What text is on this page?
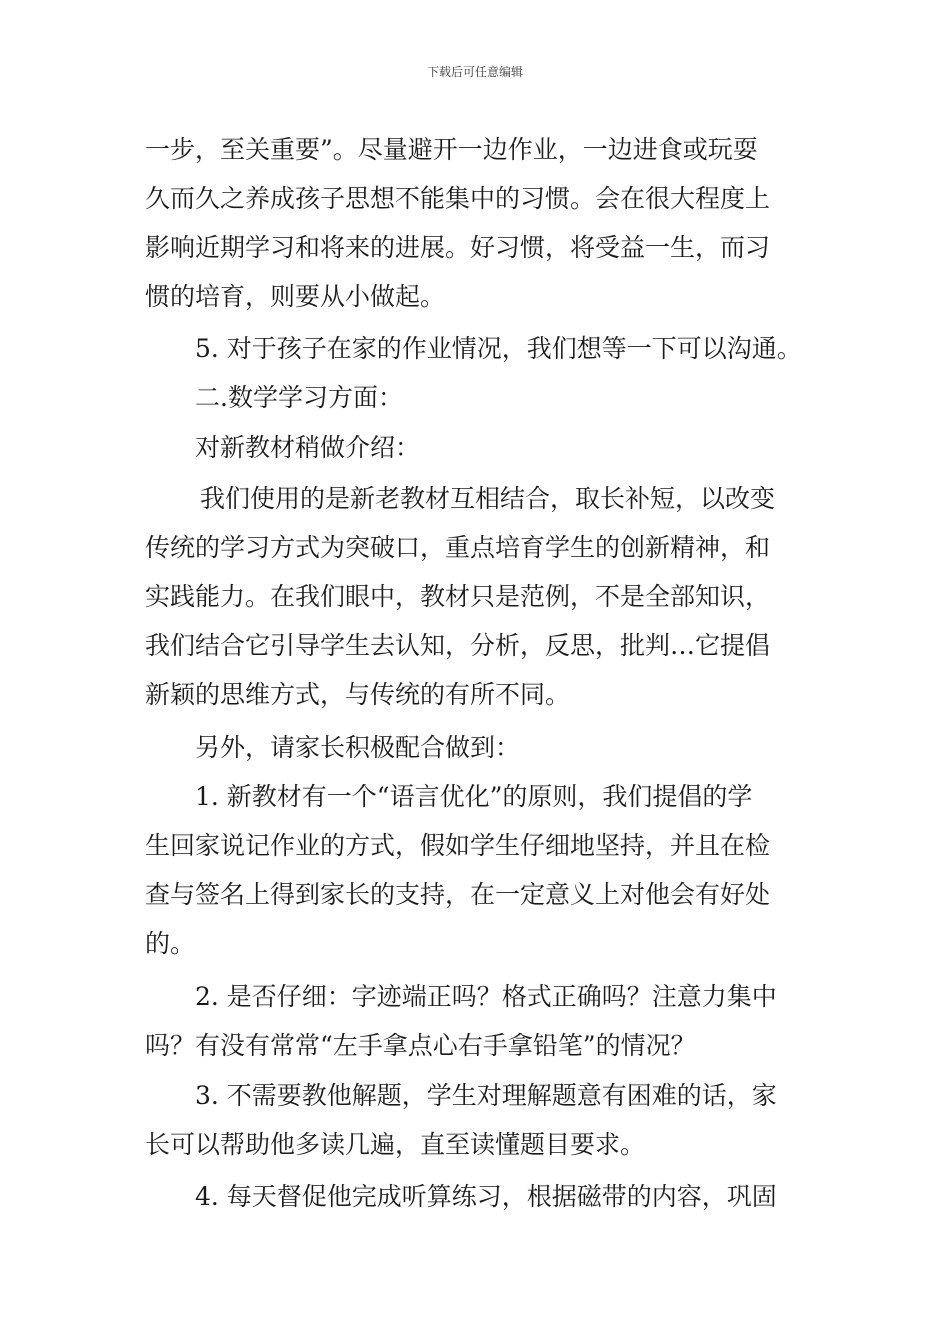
下载后可任意编辑
一步，至关重要”。尽量避开一边作业，一边进食或玩耍
久而久之养成孩子思想不能集中的习惯。会在很大程度上
影响近期学习和将来的进展。好习惯，将受益一生，而习
惯的培育，则要从小做起。
5. 对于孩子在家的作业情况，我们想等一下可以沟通。
二.数学学习方面：
对新教材稍做介绍：
我们使用的是新老教材互相结合，取长补短，以改变
传统的学习方式为突破口，重点培育学生的创新精神，和
实践能力。在我们眼中，教材只是范例，不是全部知识，
我们结合它引导学生去认知，分析，反思，批判…它提倡
新颖的思维方式，与传统的有所不同。
另外，请家长积极配合做到：
1. 新教材有一个“语言优化”的原则，我们提倡的学
生回家说记作业的方式，假如学生仔细地坚持，并且在检
查与签名上得到家长的支持，在一定意义上对他会有好处
的。
2. 是否仔细：字迹端正吗？格式正确吗？注意力集中
吗？有没有常常“左手拿点心右手拿铅笔”的情况？
3. 不需要教他解题，学生对理解题意有困难的话，家
长可以帮助他多读几遍，直至读懂题目要求。
4. 每天督促他完成听算练习，根据磁带的内容，巩固
